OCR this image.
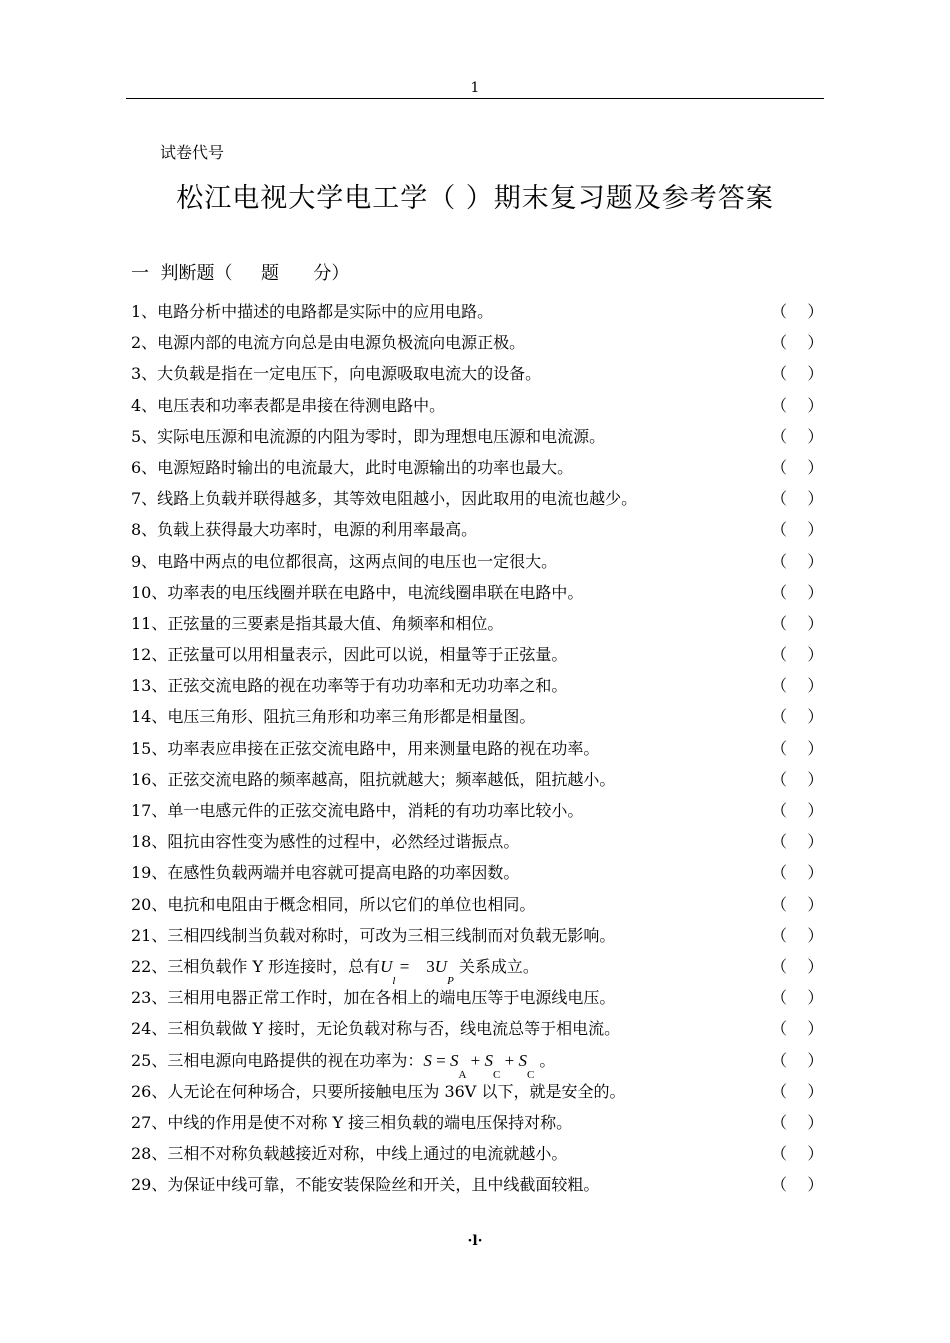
1
试卷代号
松江电视大学电工学（ ）期末复习题及参考答案
一  判断题（     题      分）
1、电路分析中描述的电路都是实际中的应用电路。	（    ）
2、电源内部的电流方向总是由电源负极流向电源正极。	（    ）
3、大负载是指在一定电压下，向电源吸取电流大的设备。	（    ）
4、电压表和功率表都是串接在待测电路中。	（    ）
5、实际电压源和电流源的内阻为零时，即为理想电压源和电流源。	（    ）
6、电源短路时输出的电流最大，此时电源输出的功率也最大。	（    ）
7、线路上负载并联得越多，其等效电阻越小，因此取用的电流也越少。	（    ）
8、负载上获得最大功率时，电源的利用率最高。	（    ）
9、电路中两点的电位都很高，这两点间的电压也一定很大。	（    ）
10、功率表的电压线圈并联在电路中，电流线圈串联在电路中。	（    ）
11、正弦量的三要素是指其最大值、角频率和相位。	（    ）
12、正弦量可以用相量表示，因此可以说，相量等于正弦量。	（    ）
13、正弦交流电路的视在功率等于有功功率和无功功率之和。	（    ）
14、电压三角形、阻抗三角形和功率三角形都是相量图。	（    ）
15、功率表应串接在正弦交流电路中，用来测量电路的视在功率。	（    ）
16、正弦交流电路的频率越高，阻抗就越大；频率越低，阻抗越小。	（    ）
17、单一电感元件的正弦交流电路中，消耗的有功功率比较小。	（    ）
18、阻抗由容性变为感性的过程中，必然经过谐振点。	（    ）
19、在感性负载两端并电容就可提高电路的功率因数。	（    ）
20、电抗和电阻由于概念相同，所以它们的单位也相同。	（    ）
21、三相四线制当负载对称时，可改为三相三线制而对负载无影响。	（    ）
22、三相负载作 Y 形连接时，总有$U_l = 3U_P$ 关系成立。	（    ）
23、三相用电器正常工作时，加在各相上的端电压等于电源线电压。	（    ）
24、三相负载做 Y 接时，无论负载对称与否，线电流总等于相电流。	（    ）
25、三相电源向电路提供的视在功率为：$S = S_A + S_C + S_C$ 。	（    ）
26、人无论在何种场合，只要所接触电压为 36V 以下，就是安全的。	（    ）
27、中线的作用是使不对称 Y 接三相负载的端电压保持对称。	（    ）
28、三相不对称负载越接近对称，中线上通过的电流就越小。	（    ）
29、为保证中线可靠，不能安装保险丝和开关，且中线截面较粗。	（    ）
·l·
